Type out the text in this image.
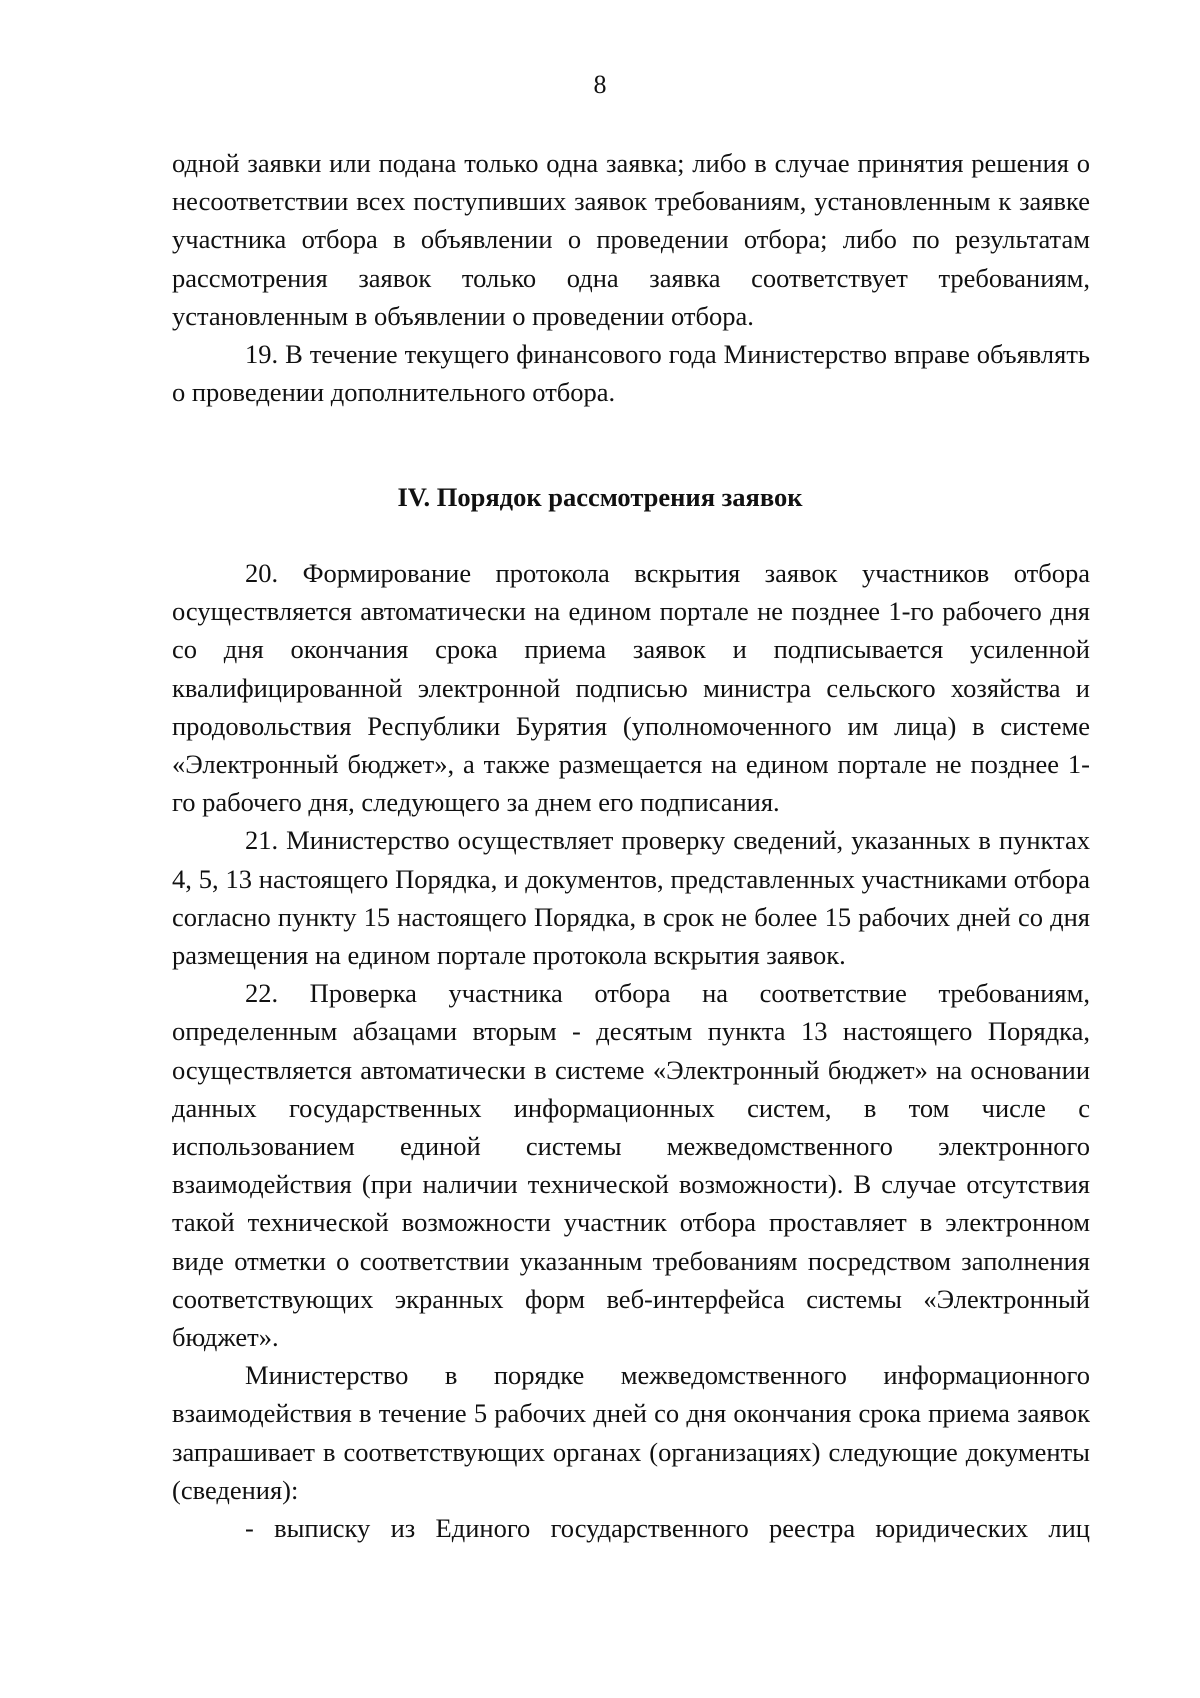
8

одной заявки или подана только одна заявка; либо в случае принятия решения о несоответствии всех поступивших заявок требованиям, установленным к заявке участника отбора в объявлении о проведении отбора; либо по результатам рассмотрения заявок только одна заявка соответствует требованиям, установленным в объявлении о проведении отбора.

19. В течение текущего финансового года Министерство вправе объявлять о проведении дополнительного отбора.

IV. Порядок рассмотрения заявок

20. Формирование протокола вскрытия заявок участников отбора осуществляется автоматически на едином портале не позднее 1-го рабочего дня со дня окончания срока приема заявок и подписывается усиленной квалифицированной электронной подписью министра сельского хозяйства и продовольствия Республики Бурятия (уполномоченного им лица) в системе «Электронный бюджет», а также размещается на едином портале не позднее 1-го рабочего дня, следующего за днем его подписания.

21. Министерство осуществляет проверку сведений, указанных в пунктах 4, 5, 13 настоящего Порядка, и документов, представленных участниками отбора согласно пункту 15 настоящего Порядка, в срок не более 15 рабочих дней со дня размещения на едином портале протокола вскрытия заявок.

22. Проверка участника отбора на соответствие требованиям, определенным абзацами вторым - десятым пункта 13 настоящего Порядка, осуществляется автоматически в системе «Электронный бюджет» на основании данных государственных информационных систем, в том числе с использованием единой системы межведомственного электронного взаимодействия (при наличии технической возможности). В случае отсутствия такой технической возможности участник отбора проставляет в электронном виде отметки о соответствии указанным требованиям посредством заполнения соответствующих экранных форм веб-интерфейса системы «Электронный бюджет».

Министерство в порядке межведомственного информационного взаимодействия в течение 5 рабочих дней со дня окончания срока приема заявок запрашивает в соответствующих органах (организациях) следующие документы (сведения):

- выписку из Единого государственного реестра юридических лиц
